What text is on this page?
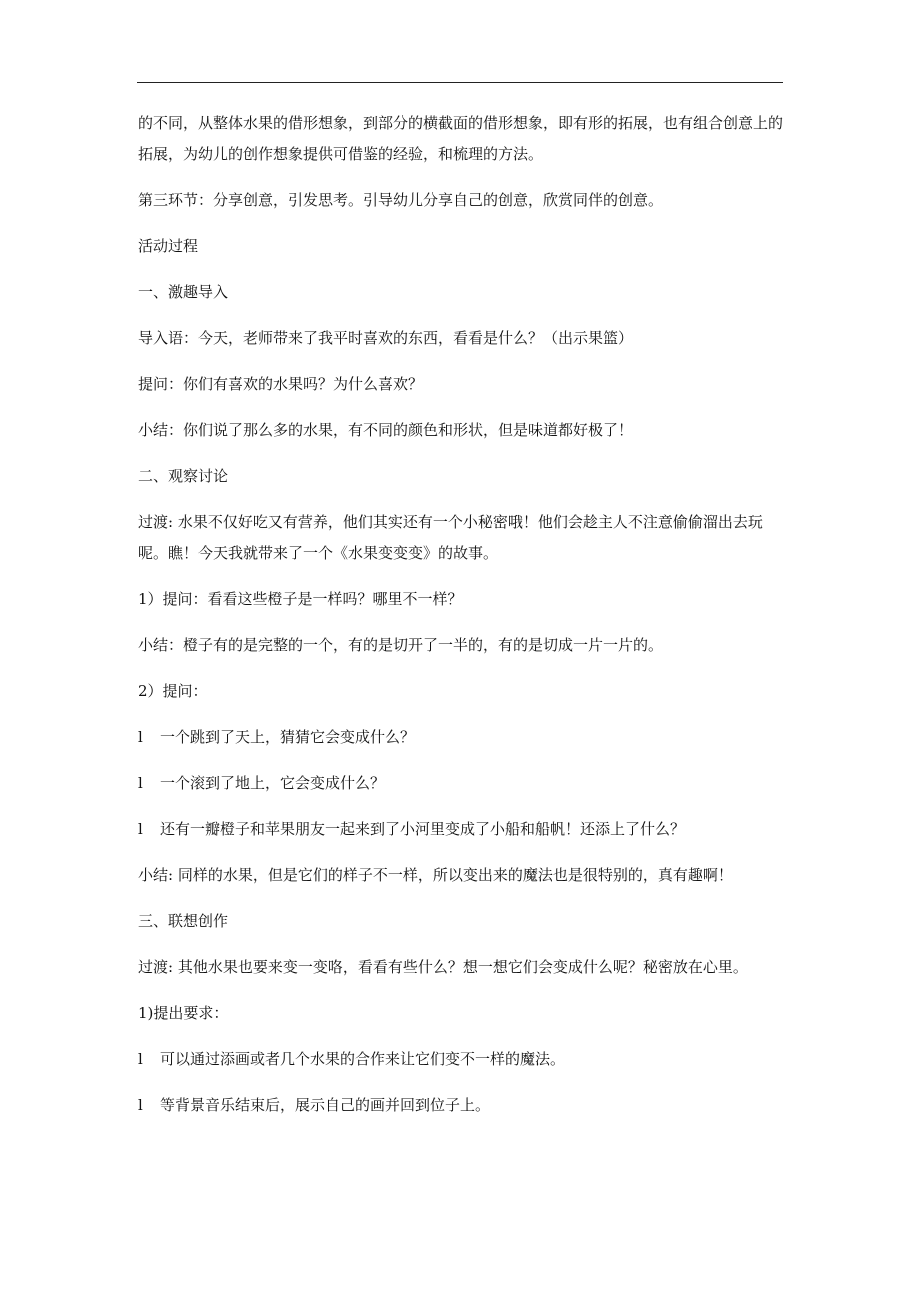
的不同，从整体水果的借形想象，到部分的横截面的借形想象，即有形的拓展，也有组合创意上的拓展，为幼儿的创作想象提供可借鉴的经验，和梳理的方法。

第三环节：分享创意，引发思考。引导幼儿分享自己的创意，欣赏同伴的创意。

活动过程

一、激趣导入

导入语：今天，老师带来了我平时喜欢的东西，看看是什么？（出示果篮）

提问：你们有喜欢的水果吗？为什么喜欢？

小结：你们说了那么多的水果，有不同的颜色和形状，但是味道都好极了！

二、观察讨论

过渡: 水果不仅好吃又有营养，他们其实还有一个小秘密哦！他们会趁主人不注意偷偷溜出去玩呢。瞧！今天我就带来了一个《水果变变变》的故事。

1）提问：看看这些橙子是一样吗？哪里不一样？

小结：橙子有的是完整的一个，有的是切开了一半的，有的是切成一片一片的。

2）提问：

l	一个跳到了天上，猜猜它会变成什么？
l	一个滚到了地上，它会变成什么？
l	还有一瓣橙子和苹果朋友一起来到了小河里变成了小船和船帆！还添上了什么？

小结: 同样的水果，但是它们的样子不一样，所以变出来的魔法也是很特别的，真有趣啊！

三、联想创作

过渡: 其他水果也要来变一变咯，看看有些什么？想一想它们会变成什么呢？秘密放在心里。

1)提出要求：

l	可以通过添画或者几个水果的合作来让它们变不一样的魔法。
l	等背景音乐结束后，展示自己的画并回到位子上。
